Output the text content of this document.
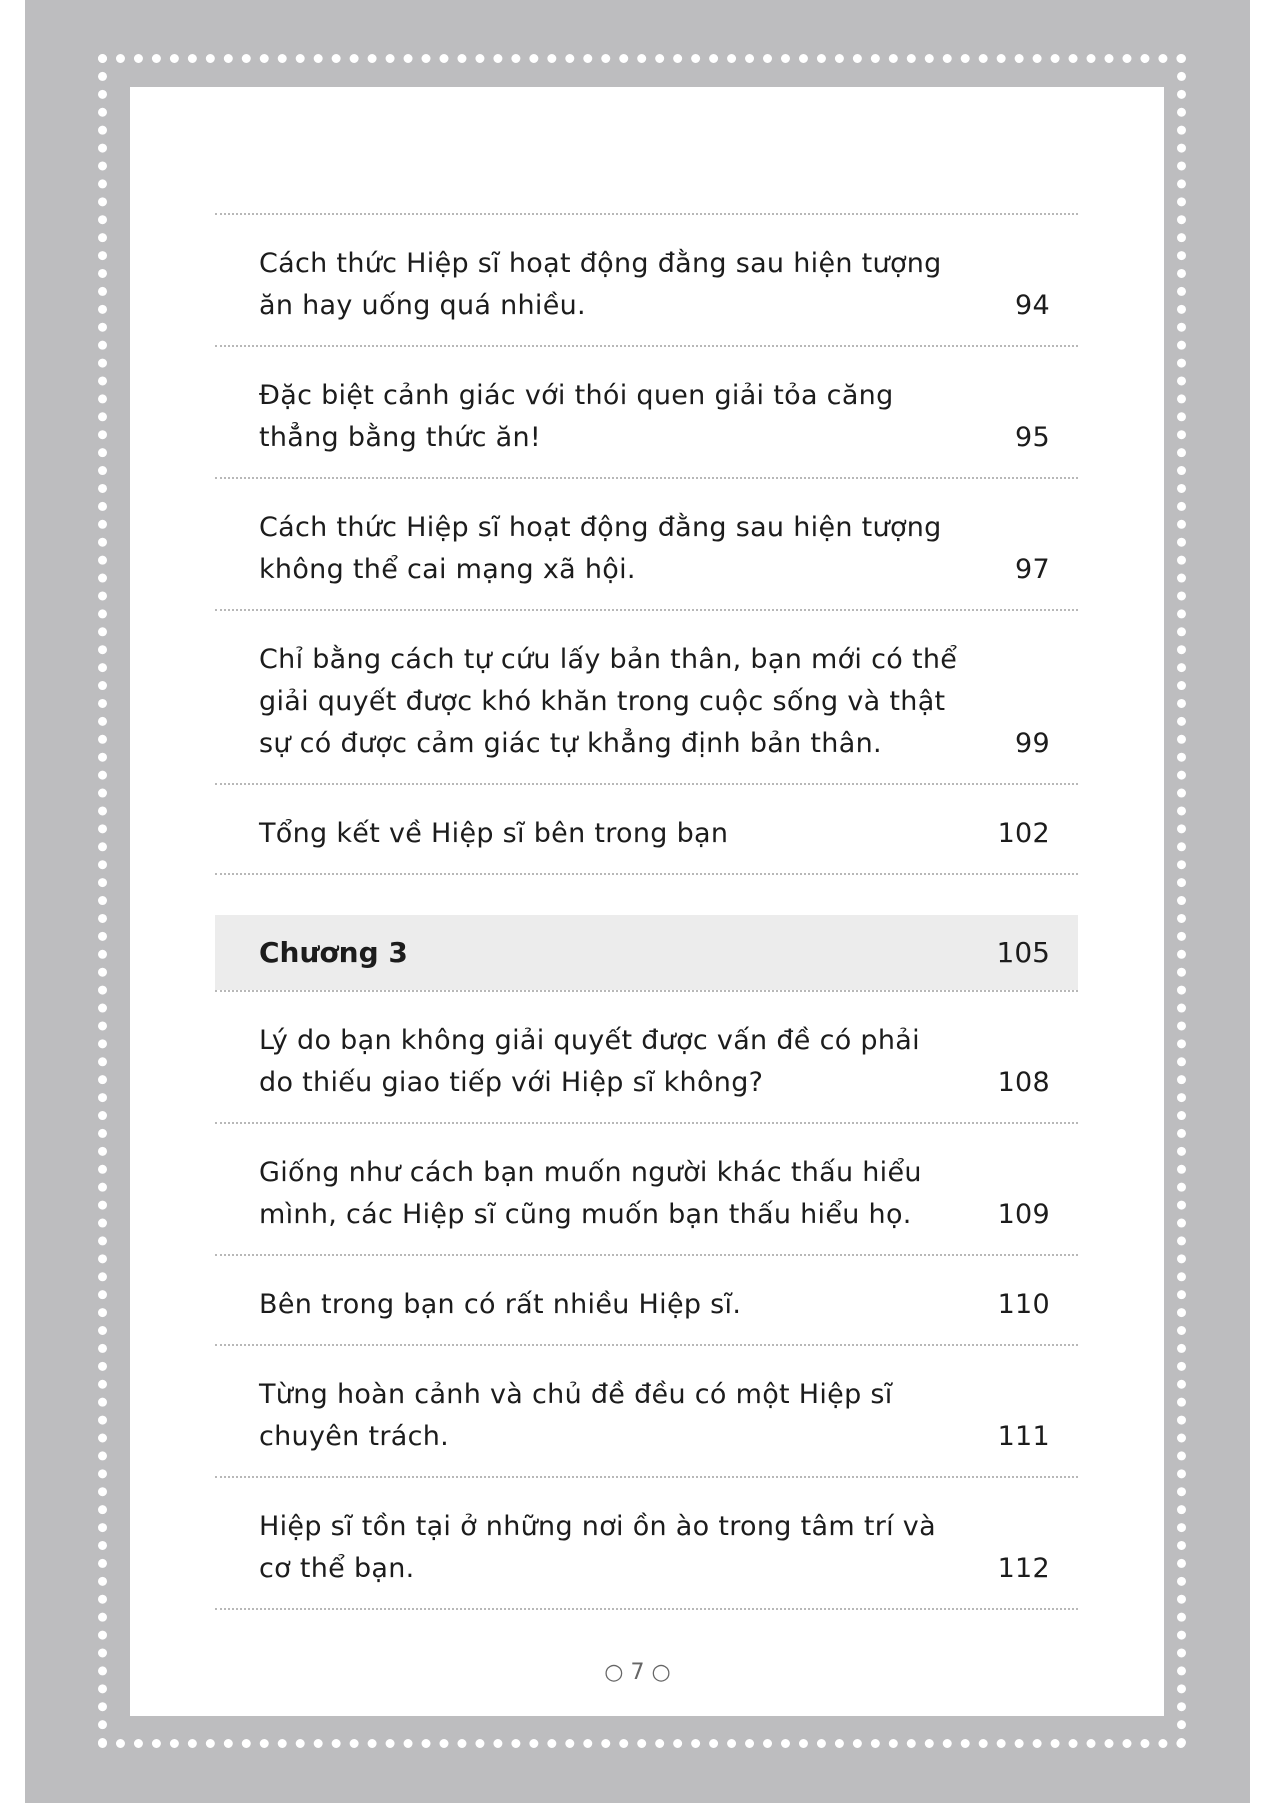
Cách thức Hiệp sĩ hoạt động đằng sau hiện tượng ăn hay uống quá nhiều.	94
Đặc biệt cảnh giác với thói quen giải tỏa căng thẳng bằng thức ăn!	95
Cách thức Hiệp sĩ hoạt động đằng sau hiện tượng không thể cai mạng xã hội.	97
Chỉ bằng cách tự cứu lấy bản thân, bạn mới có thể giải quyết được khó khăn trong cuộc sống và thật sự có được cảm giác tự khẳng định bản thân.	99
Tổng kết về Hiệp sĩ bên trong bạn	102
Chương 3	105
Lý do bạn không giải quyết được vấn đề có phải do thiếu giao tiếp với Hiệp sĩ không?	108
Giống như cách bạn muốn người khác thấu hiểu mình, các Hiệp sĩ cũng muốn bạn thấu hiểu họ.	109
Bên trong bạn có rất nhiều Hiệp sĩ.	110
Từng hoàn cảnh và chủ đề đều có một Hiệp sĩ chuyên trách.	111
Hiệp sĩ tồn tại ở những nơi ồn ào trong tâm trí và cơ thể bạn.	112
○ 7 ○
